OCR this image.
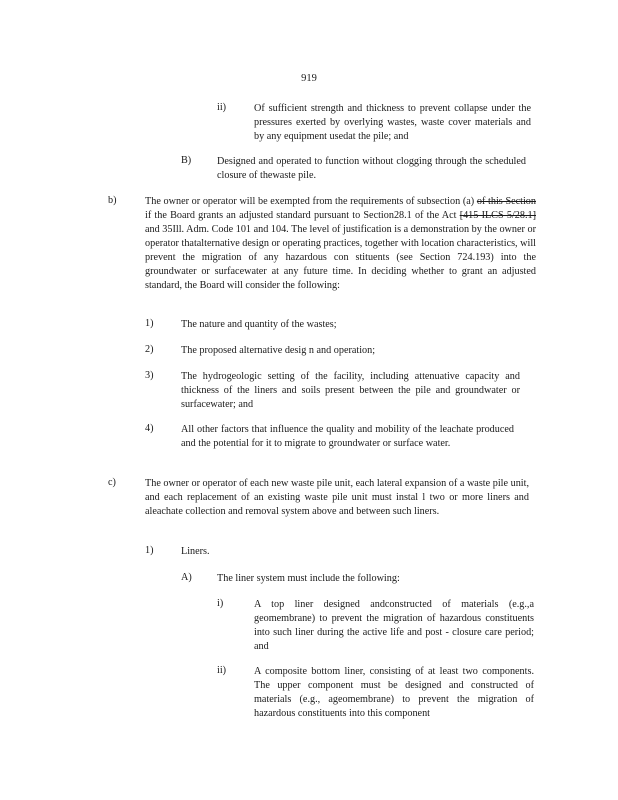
919
ii)	Of sufficient strength and thickness to prevent collapse under the pressures exerted by overlying wastes, waste cover materials and by any equipment usedat the pile; and
B)	Designed and operated to function without clogging through the scheduled closure of thewaste pile.
b)	The owner or operator will be exempted from the requirements of subsection (a) of this Section if the Board grants an adjusted standard pursuant to Section28.1 of the Act [415 ILCS 5/28.1] and 35Ill. Adm. Code 101 and 104. The level of justification is a demonstration by the owner or operator thatalternative design or operating practices, together with location characteristics, will prevent the migration of any hazardous con stituents (see Section 724.193) into the groundwater or surfacewater at any future time. In deciding whether to grant an adjusted standard, the Board will consider the following:
1)	The nature and quantity of the wastes;
2)	The proposed alternative desig n and operation;
3)	The hydrogeologic setting of the facility, including attenuative capacity and thickness of the liners and soils present between the pile and groundwater or surfacewater; and
4)	All other factors that influence the quality and mobility of the leachate produced and the potential for it to migrate to groundwater or surface water.
c)	The owner or operator of each new waste pile unit, each lateral expansion of a waste pile unit, and each replacement of an existing waste pile unit must instal l two or more liners and aleachate collection and removal system above and between such liners.
1)	Liners.
A) The liner system must include the following:
i)	A top liner designed andconstructed of materials (e.g.,a geomembrane) to prevent the migration of hazardous constituents into such liner during the active life and post - closure care period; and
ii)	A composite bottom liner, consisting of at least two components. The upper component must be designed and constructed of materials (e.g., ageomembrane) to prevent the migration of hazardous constituents into this component
